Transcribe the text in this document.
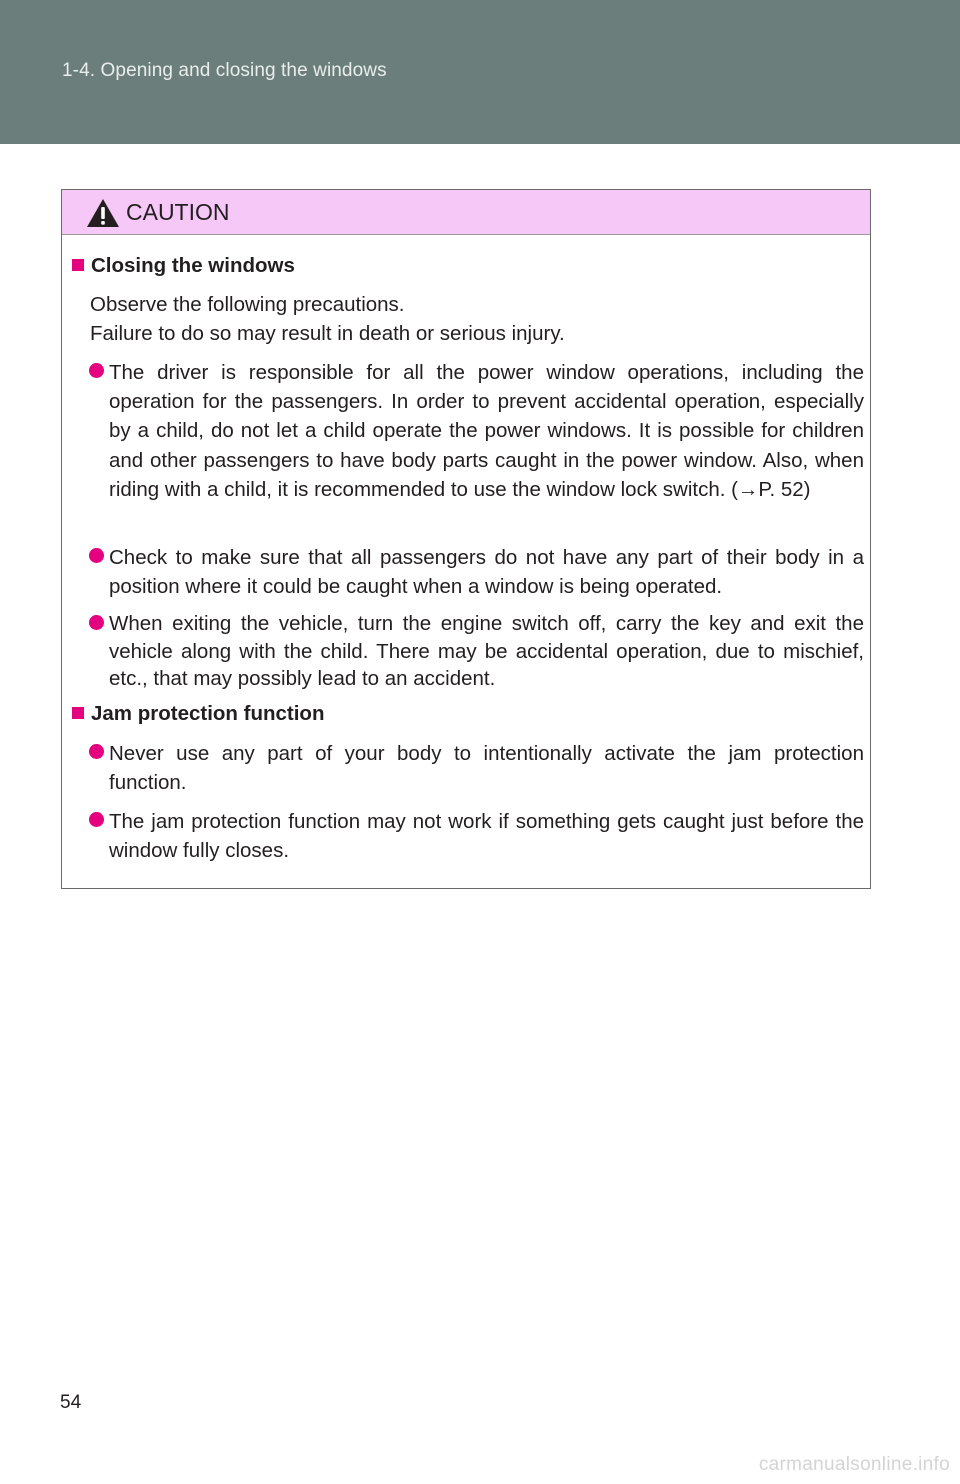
1-4. Opening and closing the windows
CAUTION
Closing the windows
Observe the following precautions.
Failure to do so may result in death or serious injury.
The driver is responsible for all the power window operations, including the operation for the passengers. In order to prevent accidental operation, especially by a child, do not let a child operate the power windows. It is possible for children and other passengers to have body parts caught in the power window. Also, when riding with a child, it is recommended to use the window lock switch. (→P. 52)
Check to make sure that all passengers do not have any part of their body in a position where it could be caught when a window is being operated.
When exiting the vehicle, turn the engine switch off, carry the key and exit the vehicle along with the child. There may be accidental operation, due to mischief, etc., that may possibly lead to an accident.
Jam protection function
Never use any part of your body to intentionally activate the jam protection function.
The jam protection function may not work if something gets caught just before the window fully closes.
54
carmanualsonline.info
